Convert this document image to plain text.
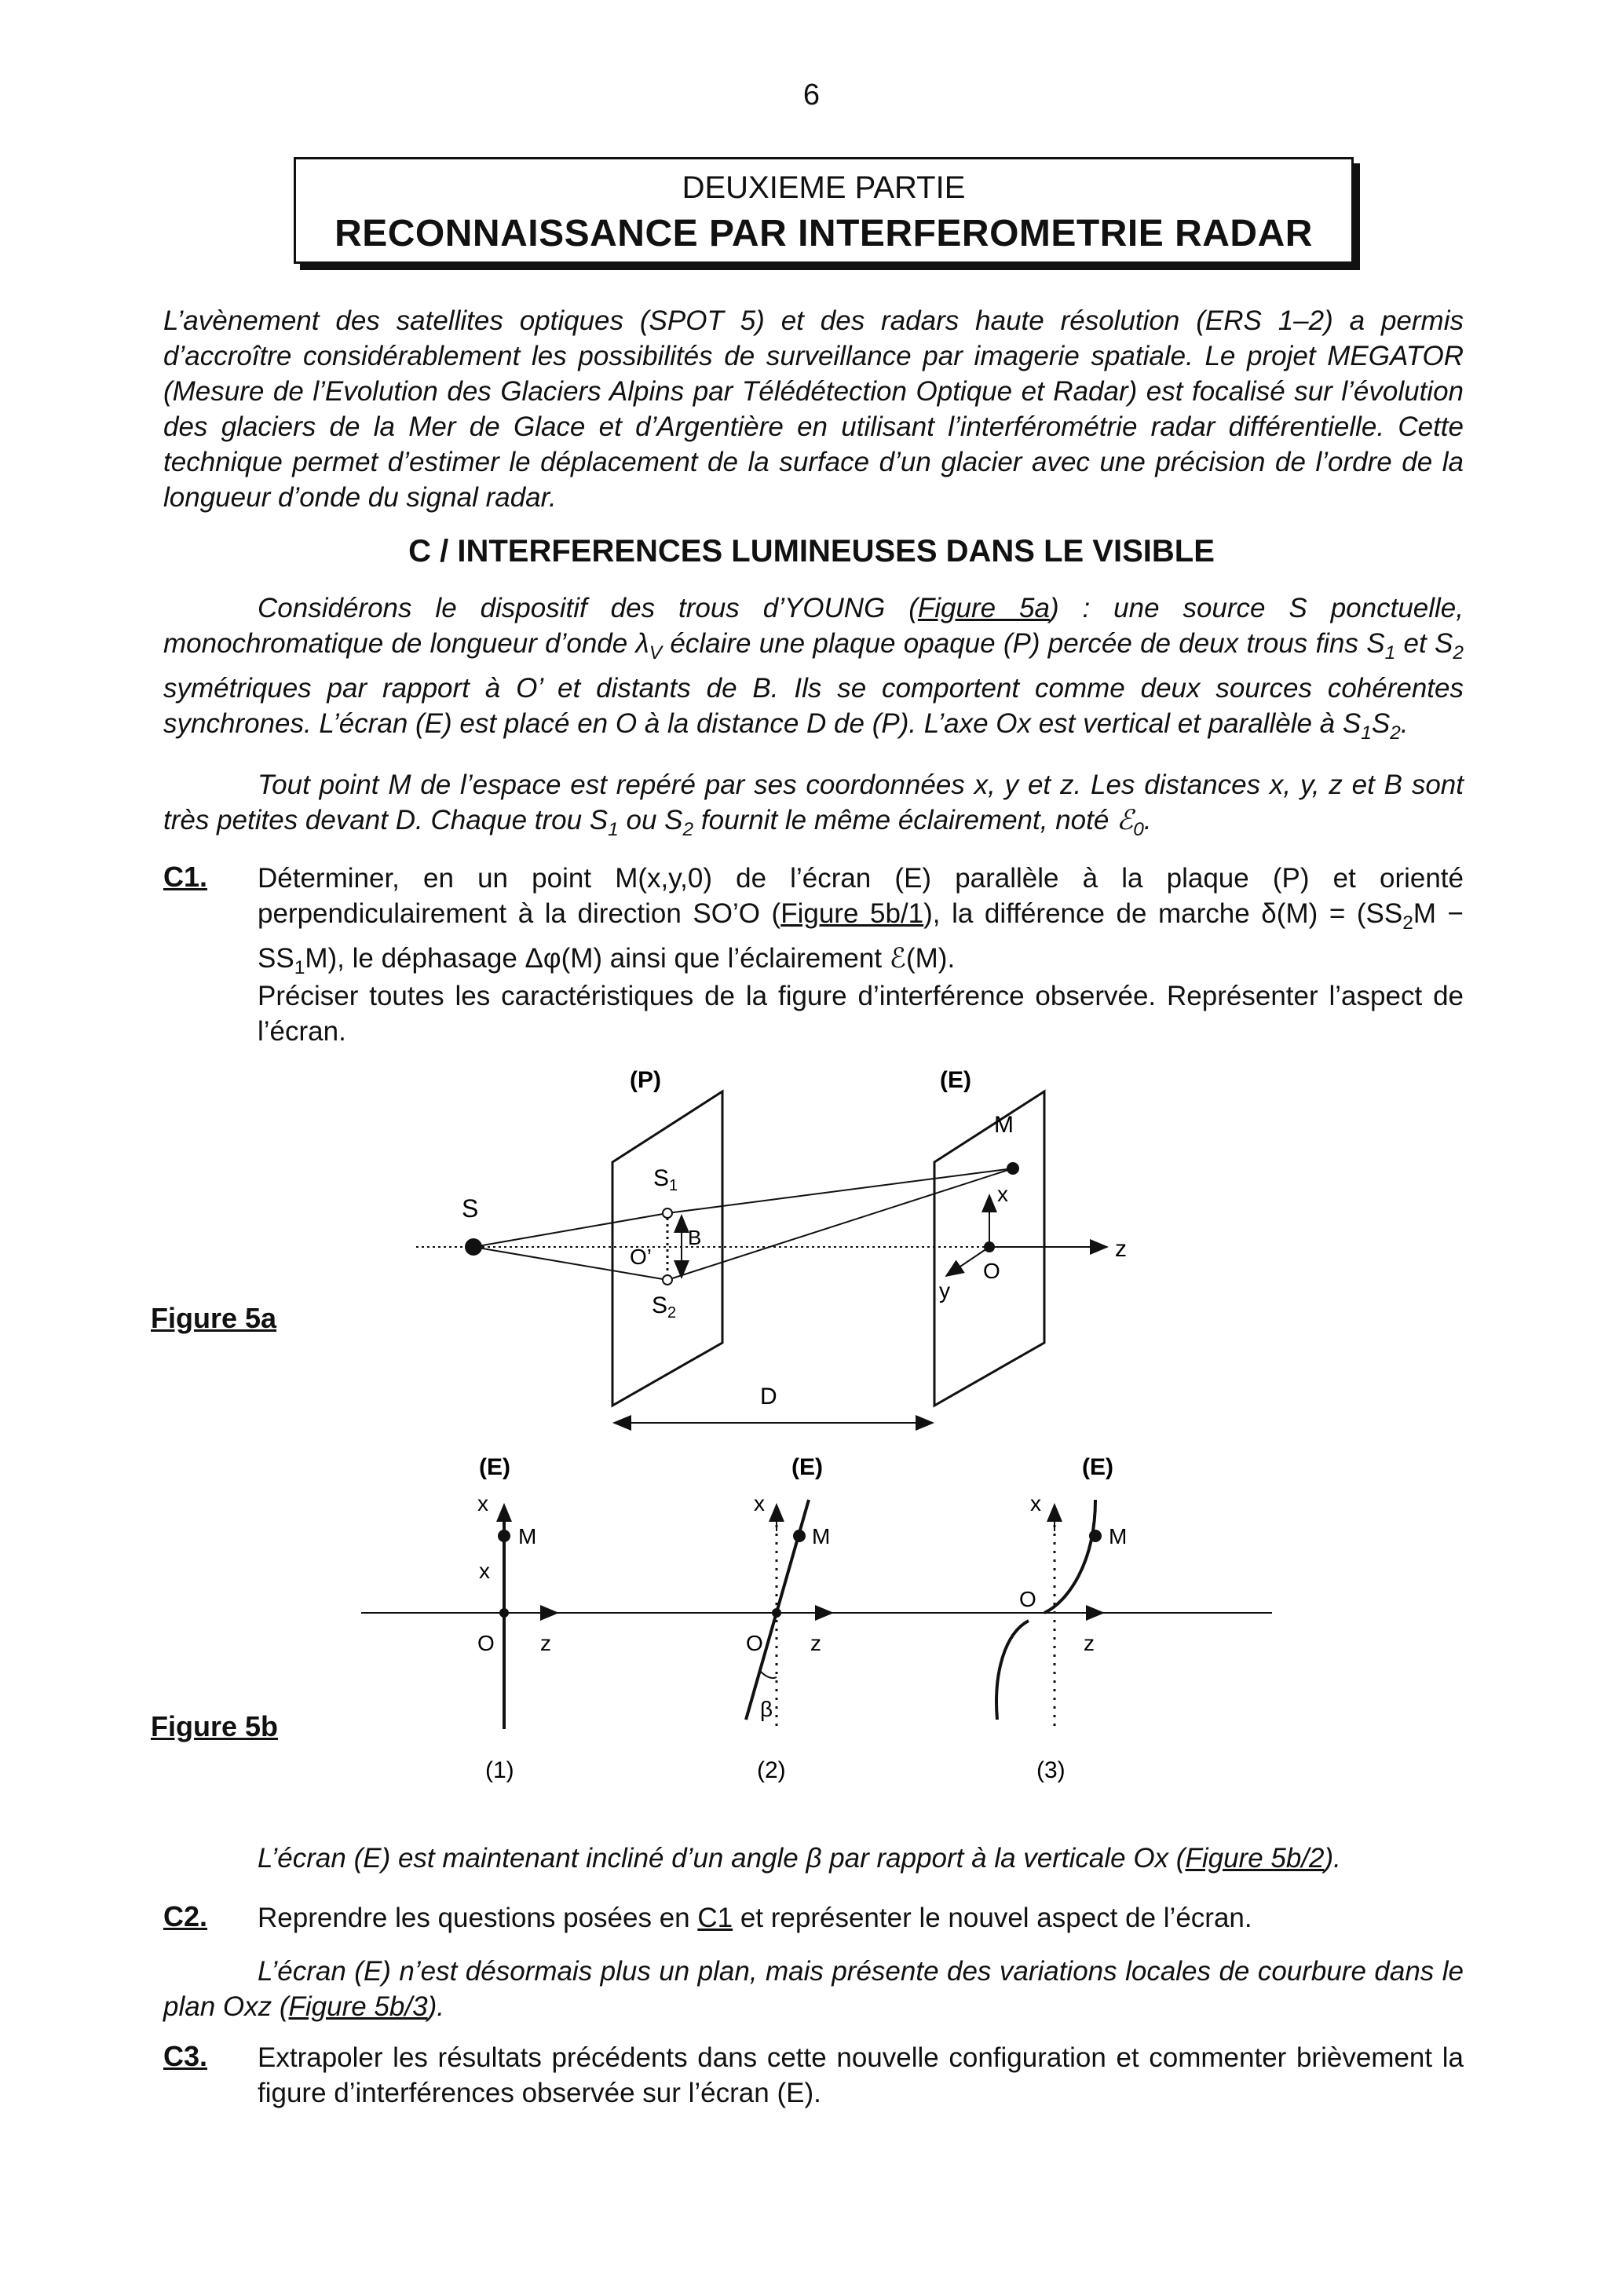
6
DEUXIEME PARTIE
RECONNAISSANCE PAR INTERFEROMETRIE RADAR
L’avènement des satellites optiques (SPOT 5) et des radars haute résolution (ERS 1–2) a permis d’accroître considérablement les possibilités de surveillance par imagerie spatiale. Le projet MEGATOR (Mesure de l’Evolution des Glaciers Alpins par Télédétection Optique et Radar) est focalisé sur l’évolution des glaciers de la Mer de Glace et d’Argentière en utilisant l’interférométrie radar différentielle. Cette technique permet d’estimer le déplacement de la surface d’un glacier avec une précision de l’ordre de la longueur d’onde du signal radar.
C / INTERFERENCES LUMINEUSES DANS LE VISIBLE
Considérons le dispositif des trous d’YOUNG (Figure 5a) : une source S ponctuelle, monochromatique de longueur d’onde $\lambda_V$ éclaire une plaque opaque (P) percée de deux trous fins $S_1$ et $S_2$ symétriques par rapport à O’ et distants de B. Ils se comportent comme deux sources cohérentes synchrones. L’écran (E) est placé en O à la distance D de (P). L’axe Ox est vertical et parallèle à $S_1S_2$.
Tout point M de l’espace est repéré par ses coordonnées x, y et z. Les distances x, y, z et B sont très petites devant D. Chaque trou $S_1$ ou $S_2$ fournit le même éclairement, noté ℰ$_0$.
C1. Déterminer, en un point M(x,y,0) de l’écran (E) parallèle à la plaque (P) et orienté perpendiculairement à la direction SO’O (Figure 5b/1), la différence de marche $\delta(M) = (SS_2M - SS_1M)$, le déphasage Δφ(M) ainsi que l’éclairement ℰ(M).
Préciser toutes les caractéristiques de la figure d’interférence observée. Représenter l’aspect de l’écran.
Figure 5a
(P)	(E)
S
$S_1$
$S_2$
O’
B
M
x
y
O
z
D
Figure 5b
(E)
x
x
M
O z
(1)
(E)
x
M
O z
β
(2)
(E)
x
M
O
z
(3)
L’écran (E) est maintenant incliné d’un angle β par rapport à la verticale Ox (Figure 5b/2).
C2. Reprendre les questions posées en C1 et représenter le nouvel aspect de l’écran.
L’écran (E) n’est désormais plus un plan, mais présente des variations locales de courbure dans le plan Oxz (Figure 5b/3).
C3. Extrapoler les résultats précédents dans cette nouvelle configuration et commenter brièvement la figure d’interférences observée sur l’écran (E).
